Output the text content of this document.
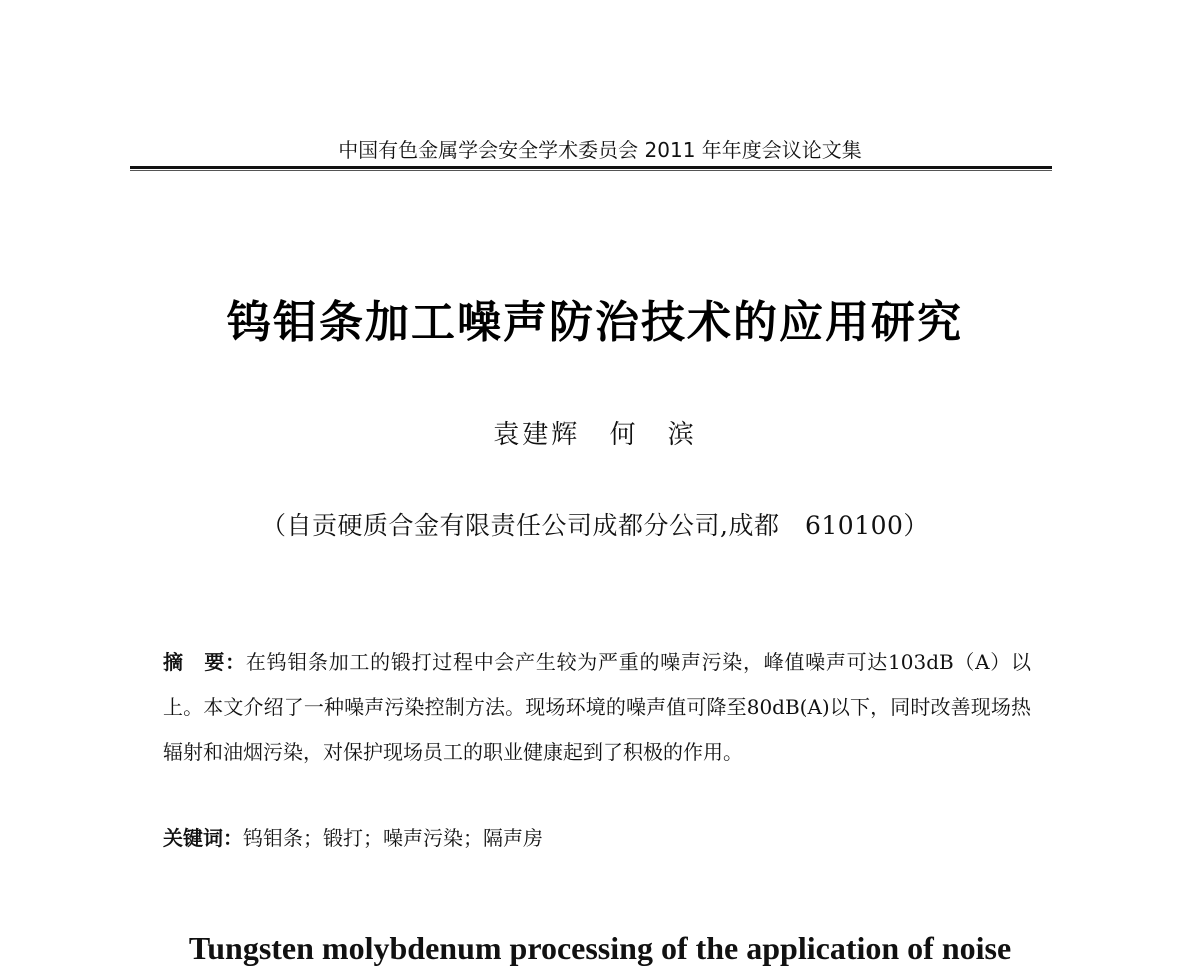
中国有色金属学会安全学术委员会 2011 年年度会议论文集
钨钼条加工噪声防治技术的应用研究
袁建辉 何 滨
（自贡硬质合金有限责任公司成都分公司,成都　610100）
摘　要：在钨钼条加工的锻打过程中会产生较为严重的噪声污染，峰值噪声可达103dB（A）以上。本文介绍了一种噪声污染控制方法。现场环境的噪声值可降至80dB(A)以下，同时改善现场热辐射和油烟污染，对保护现场员工的职业健康起到了积极的作用。
关键词：钨钼条；锻打；噪声污染；隔声房
Tungsten molybdenum processing of the application of noise
